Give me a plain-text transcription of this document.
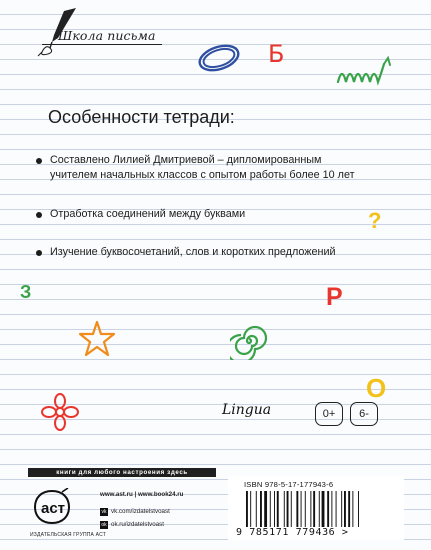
Школа письма
Б
?
З	Р
О
Особенности тетради:
Составлено Лилией Дмитриевой – дипломированным учителем начальных классов с опытом работы более 10 лет
Отработка соединений между буквами
Изучение буквосочетаний, слов и коротких предложений
Lingua	0+	6-
книги для любого настроения здесь
аст
ИЗДАТЕЛЬСКАЯ ГРУППА АСТ
www.ast.ru | www.book24.ru
vk vk.com/izdatelstvoast
ok ok.ru/izdatelstvoast
ISBN 978-5-17-177943-6
9 785171 779436 >
